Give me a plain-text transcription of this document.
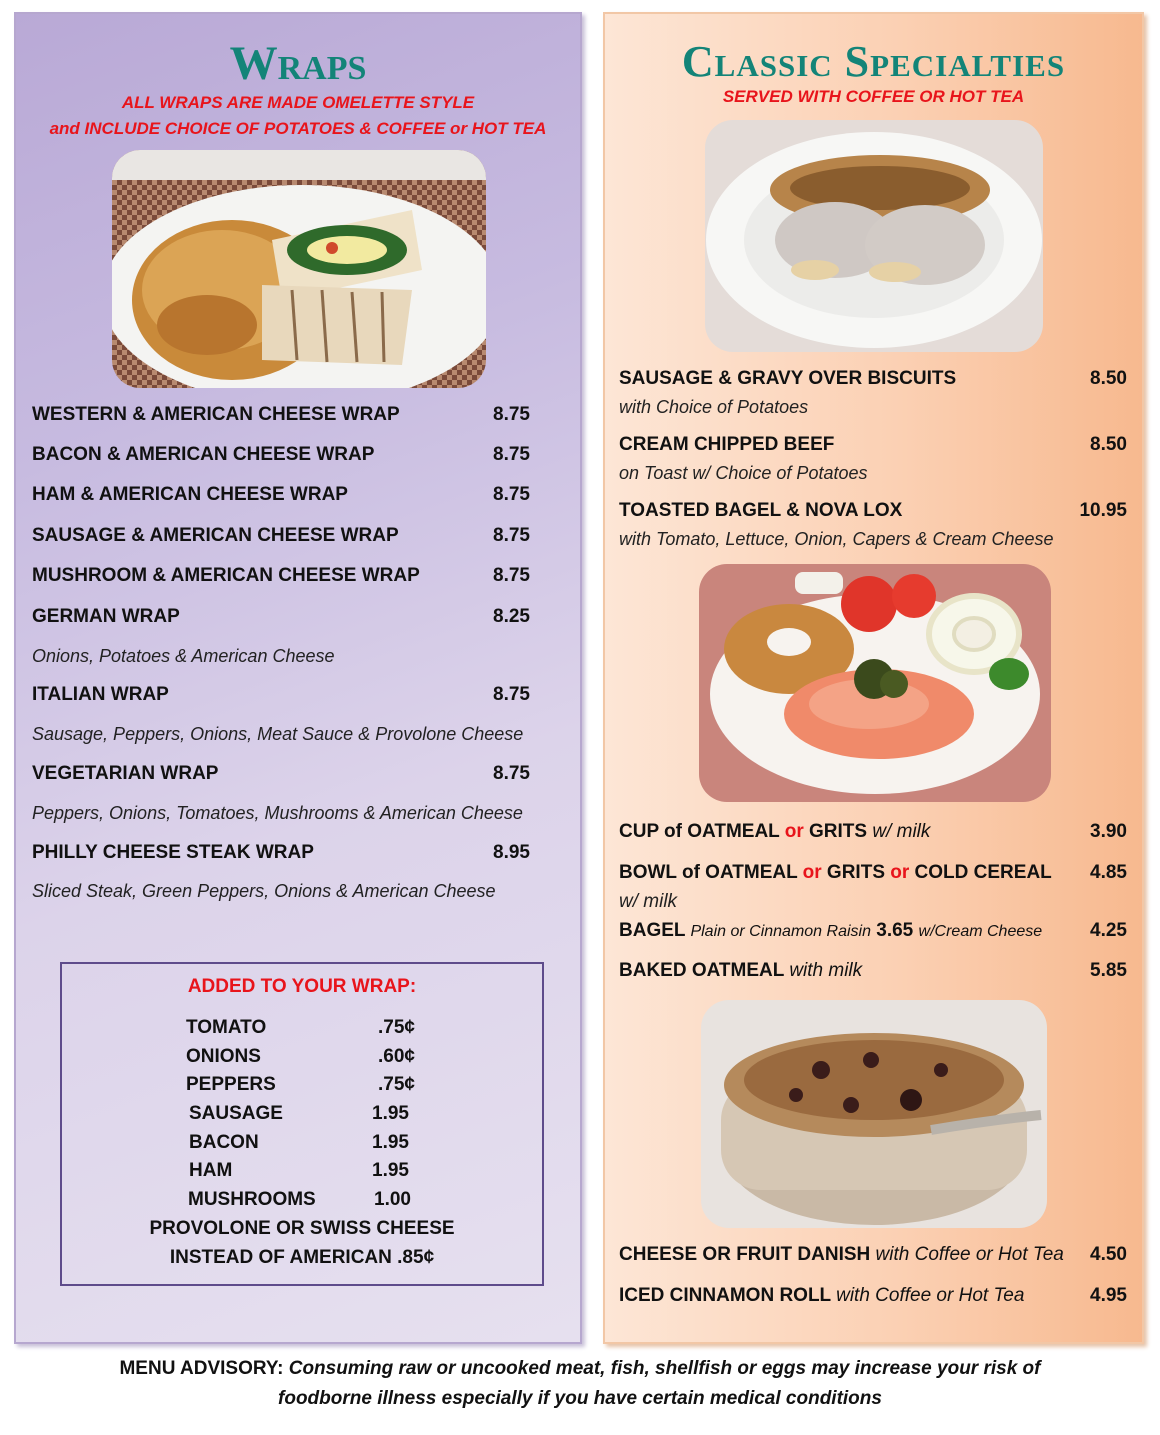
Wraps
ALL WRAPS ARE MADE OMELETTE STYLE
and INCLUDE CHOICE OF POTATOES & COFFEE or HOT TEA
WESTERN & AMERICAN CHEESE WRAP	8.75
BACON & AMERICAN CHEESE WRAP	8.75
HAM & AMERICAN CHEESE WRAP	8.75
SAUSAGE & AMERICAN CHEESE WRAP	8.75
MUSHROOM & AMERICAN CHEESE WRAP	8.75
GERMAN WRAP	8.25
Onions, Potatoes & American Cheese
ITALIAN WRAP	8.75
Sausage, Peppers, Onions, Meat Sauce & Provolone Cheese
VEGETARIAN WRAP	8.75
Peppers, Onions, Tomatoes, Mushrooms & American Cheese
PHILLY CHEESE STEAK WRAP	8.95
Sliced Steak, Green Peppers, Onions & American Cheese
ADDED TO YOUR WRAP:
TOMATO	.75¢
ONIONS	.60¢
PEPPERS	.75¢
SAUSAGE	1.95
BACON	1.95
HAM	1.95
MUSHROOMS	1.00
PROVOLONE OR SWISS CHEESE
INSTEAD OF AMERICAN .85¢
Classic Specialties
SERVED WITH COFFEE OR HOT TEA
SAUSAGE & GRAVY OVER BISCUITS	8.50
with Choice of Potatoes
CREAM CHIPPED BEEF	8.50
on Toast w/ Choice of Potatoes
TOASTED BAGEL & NOVA LOX	10.95
with Tomato, Lettuce, Onion, Capers & Cream Cheese
CUP of OATMEAL or GRITS w/ milk	3.90
BOWL of OATMEAL or GRITS or COLD CEREAL	4.85
w/ milk
BAGEL Plain or Cinnamon Raisin 3.65 w/Cream Cheese	4.25
BAKED OATMEAL with milk	5.85
CHEESE OR FRUIT DANISH with Coffee or Hot Tea	4.50
ICED CINNAMON ROLL with Coffee or Hot Tea	4.95
MENU ADVISORY: Consuming raw or uncooked meat, fish, shellfish or eggs may increase your risk of
foodborne illness especially if you have certain medical conditions
